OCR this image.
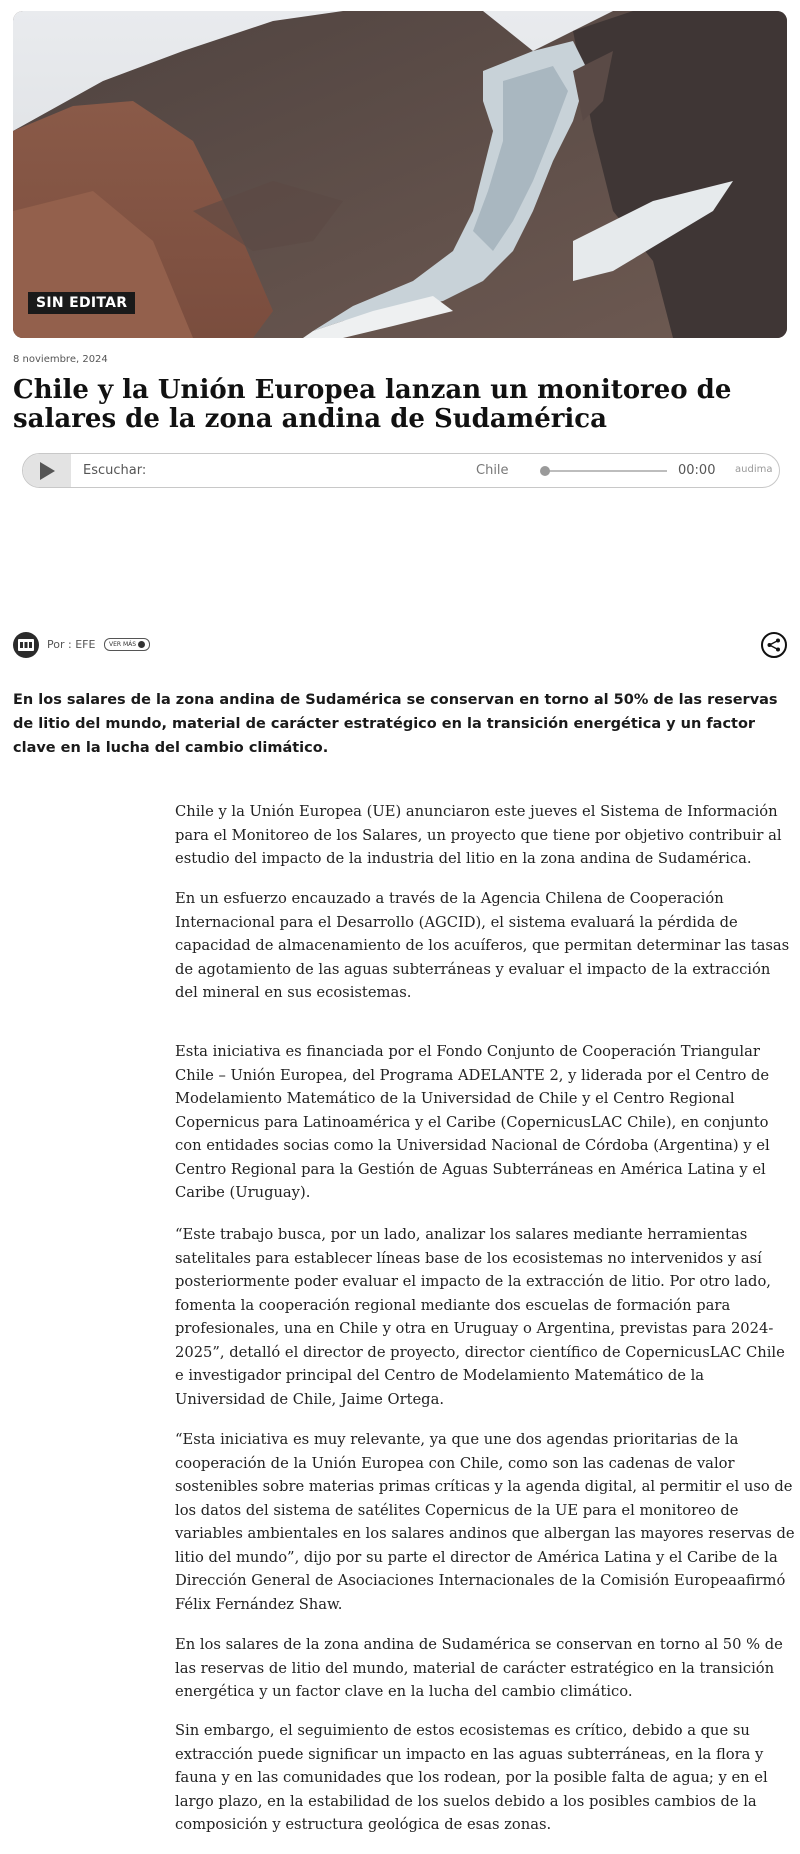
SIN EDITAR
8 noviembre, 2024
Chile y la Unión Europea lanzan un monitoreo de salares de la zona andina de Sudamérica
Escuchar:	Chile	00:00 audima
Por : EFE	VER MÁS

En los salares de la zona andina de Sudamérica se conservan en torno al 50% de las reservas de litio del mundo, material de carácter estratégico en la transición energética y un factor clave en la lucha del cambio climático.

Chile y la Unión Europea (UE) anunciaron este jueves el Sistema de Información para el Monitoreo de los Salares, un proyecto que tiene por objetivo contribuir al estudio del impacto de la industria del litio en la zona andina de Sudamérica.

En un esfuerzo encauzado a través de la Agencia Chilena de Cooperación Internacional para el Desarrollo (AGCID), el sistema evaluará la pérdida de capacidad de almacenamiento de los acuíferos, que permitan determinar las tasas de agotamiento de las aguas subterráneas y evaluar el impacto de la extracción del mineral en sus ecosistemas.

Esta iniciativa es financiada por el Fondo Conjunto de Cooperación Triangular Chile – Unión Europea, del Programa ADELANTE 2, y liderada por el Centro de Modelamiento Matemático de la Universidad de Chile y el Centro Regional Copernicus para Latinoamérica y el Caribe (CopernicusLAC Chile), en conjunto con entidades socias como la Universidad Nacional de Córdoba (Argentina) y el Centro Regional para la Gestión de Aguas Subterráneas en América Latina y el Caribe (Uruguay).

“Este trabajo busca, por un lado, analizar los salares mediante herramientas satelitales para establecer líneas base de los ecosistemas no intervenidos y así posteriormente poder evaluar el impacto de la extracción de litio. Por otro lado, fomenta la cooperación regional mediante dos escuelas de formación para profesionales, una en Chile y otra en Uruguay o Argentina, previstas para 2024-2025”, detalló el director de proyecto, director científico de CopernicusLAC Chile e investigador principal del Centro de Modelamiento Matemático de la Universidad de Chile, Jaime Ortega.

“Esta iniciativa es muy relevante, ya que une dos agendas prioritarias de la cooperación de la Unión Europea con Chile, como son las cadenas de valor sostenibles sobre materias primas críticas y la agenda digital, al permitir el uso de los datos del sistema de satélites Copernicus de la UE para el monitoreo de variables ambientales en los salares andinos que albergan las mayores reservas de litio del mundo”, dijo por su parte el director de América Latina y el Caribe de la Dirección General de Asociaciones Internacionales de la Comisión Europeaafirmó Félix Fernández Shaw.

En los salares de la zona andina de Sudamérica se conservan en torno al 50 % de las reservas de litio del mundo, material de carácter estratégico en la transición energética y un factor clave en la lucha del cambio climático.

Sin embargo, el seguimiento de estos ecosistemas es crítico, debido a que su extracción puede significar un impacto en las aguas subterráneas, en la flora y fauna y en las comunidades que los rodean, por la posible falta de agua; y en el largo plazo, en la estabilidad de los suelos debido a los posibles cambios de la composición y estructura geológica de esas zonas.
